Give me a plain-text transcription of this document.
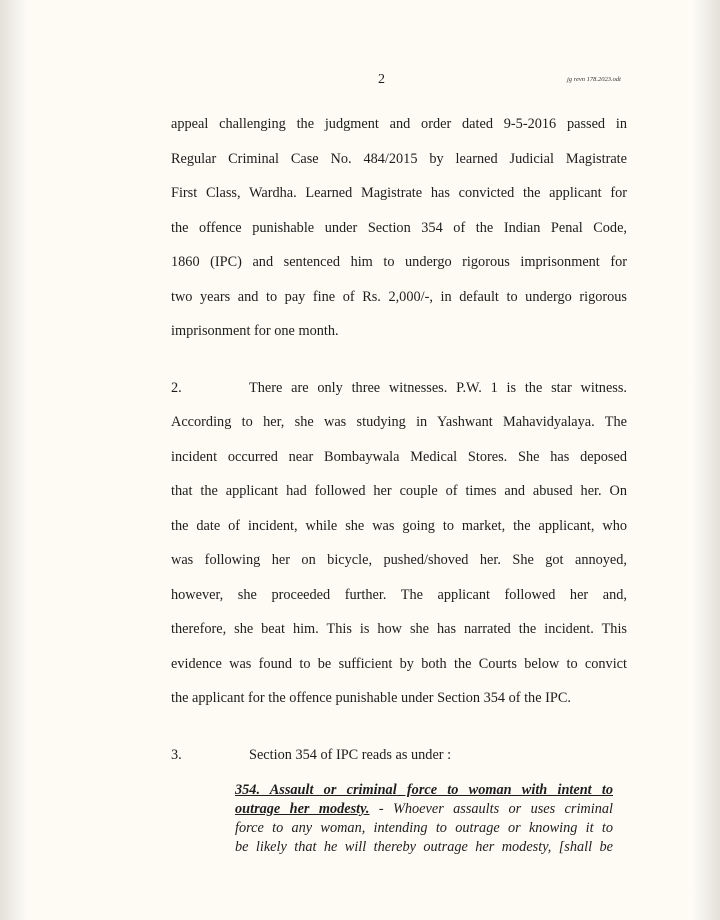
2	jg revn 178.2023.odt
appeal challenging the judgment and order dated 9-5-2016 passed in
Regular Criminal Case No. 484/2015 by learned Judicial Magistrate
First Class, Wardha. Learned Magistrate has convicted the applicant for
the offence punishable under Section 354 of the Indian Penal Code,
1860 (IPC) and sentenced him to undergo rigorous imprisonment for
two years and to pay fine of Rs. 2,000/-, in default to undergo rigorous
imprisonment for one month.
2.	There are only three witnesses. P.W. 1 is the star witness.
According to her, she was studying in Yashwant Mahavidyalaya. The
incident occurred near Bombaywala Medical Stores. She has deposed
that the applicant had followed her couple of times and abused her. On
the date of incident, while she was going to market, the applicant, who
was following her on bicycle, pushed/shoved her. She got annoyed,
however, she proceeded further. The applicant followed her and,
therefore, she beat him. This is how she has narrated the incident. This
evidence was found to be sufficient by both the Courts below to convict
the applicant for the offence punishable under Section 354 of the IPC.
3.	Section 354 of IPC reads as under :
354. Assault or criminal force to woman with intent to
outrage her modesty. - Whoever assaults or uses criminal
force to any woman, intending to outrage or knowing it to
be likely that he will thereby outrage her modesty, [shall be
